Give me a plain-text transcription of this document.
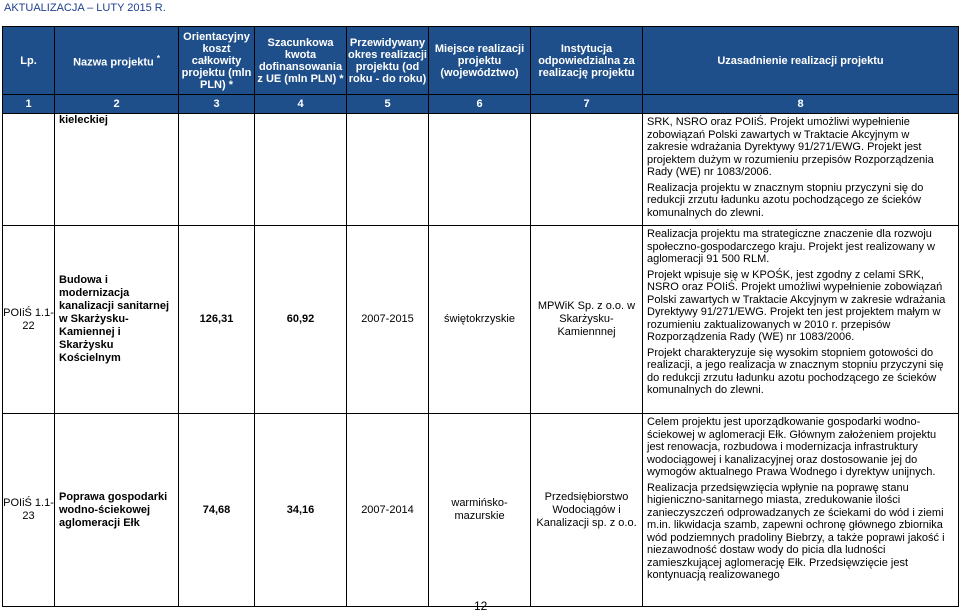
AKTUALIZACJA – LUTY 2015 R.
Lp.	Nazwa projektu *	Orientacyjny koszt całkowity projektu (mln PLN) *	Szacunkowa kwota dofinansowania z UE (mln PLN) *	Przewidywany okres realizacji projektu (od roku - do roku)	Miejsce realizacji projektu (województwo)	Instytucja odpowiedzialna za realizację projektu	Uzasadnienie realizacji projektu
1	2	3	4	5	6	7	8
	kieleckiej						SRK, NSRO oraz POIiŚ. Projekt umożliwi wypełnienie zobowiązań Polski zawartych w Traktacie Akcyjnym w zakresie wdrażania Dyrektywy 91/271/EWG. Projekt jest projektem dużym w rozumieniu przepisów Rozporządzenia Rady (WE) nr 1083/2006.

Realizacja projektu w znacznym stopniu przyczyni się do redukcji zrzutu ładunku azotu pochodzącego ze ścieków komunalnych do zlewni.

POIiŚ 1.1-22	Budowa i modernizacja kanalizacji sanitarnej w Skarżysku-Kamiennej i Skarżysku Kościelnym	126,31	60,92	2007-2015	świętokrzyskie	MPWiK Sp. z o.o. w Skarżysku-Kamiennnej	Realizacja projektu ma strategiczne znaczenie dla rozwoju społeczno-gospodarczego kraju. Projekt jest realizowany w aglomeracji 91 500 RLM.

Projekt wpisuje się w KPOŚK, jest zgodny z celami SRK, NSRO oraz POIiŚ. Projekt umożliwi wypełnienie zobowiązań Polski zawartych w Traktacie Akcyjnym w zakresie wdrażania Dyrektywy 91/271/EWG. Projekt ten jest projektem małym w rozumieniu zaktualizowanych w 2010 r. przepisów Rozporządzenia Rady (WE) nr 1083/2006.

Projekt charakteryzuje się wysokim stopniem gotowości do realizacji, a jego realizacja w znacznym stopniu przyczyni się do redukcji zrzutu ładunku azotu pochodzącego ze ścieków komunalnych do zlewni.

POIiŚ 1.1-23	Poprawa gospodarki wodno-ściekowej aglomeracji Ełk	74,68	34,16	2007-2014	warmińsko-mazurskie	Przedsiębiorstwo Wodociągów i Kanalizacji sp. z o.o.	Celem projektu jest uporządkowanie gospodarki wodno-ściekowej w aglomeracji Ełk. Głównym założeniem projektu jest renowacja, rozbudowa i modernizacja infrastruktury wodociągowej i kanalizacyjnej oraz dostosowanie jej do wymogów aktualnego Prawa Wodnego i dyrektyw unijnych.

Realizacja przedsięwzięcia wpłynie na poprawę stanu higieniczno-sanitarnego miasta, zredukowanie ilości zanieczyszczeń odprowadzanych ze ściekami do wód i ziemi m.in. likwidacja szamb, zapewni ochronę głównego zbiornika wód podziemnych pradoliny Biebrzy, a także poprawi jakość i niezawodność dostaw wody do picia dla ludności zamieszkującej aglomerację Ełk. Przedsięwzięcie jest kontynuacją realizowanego

12
